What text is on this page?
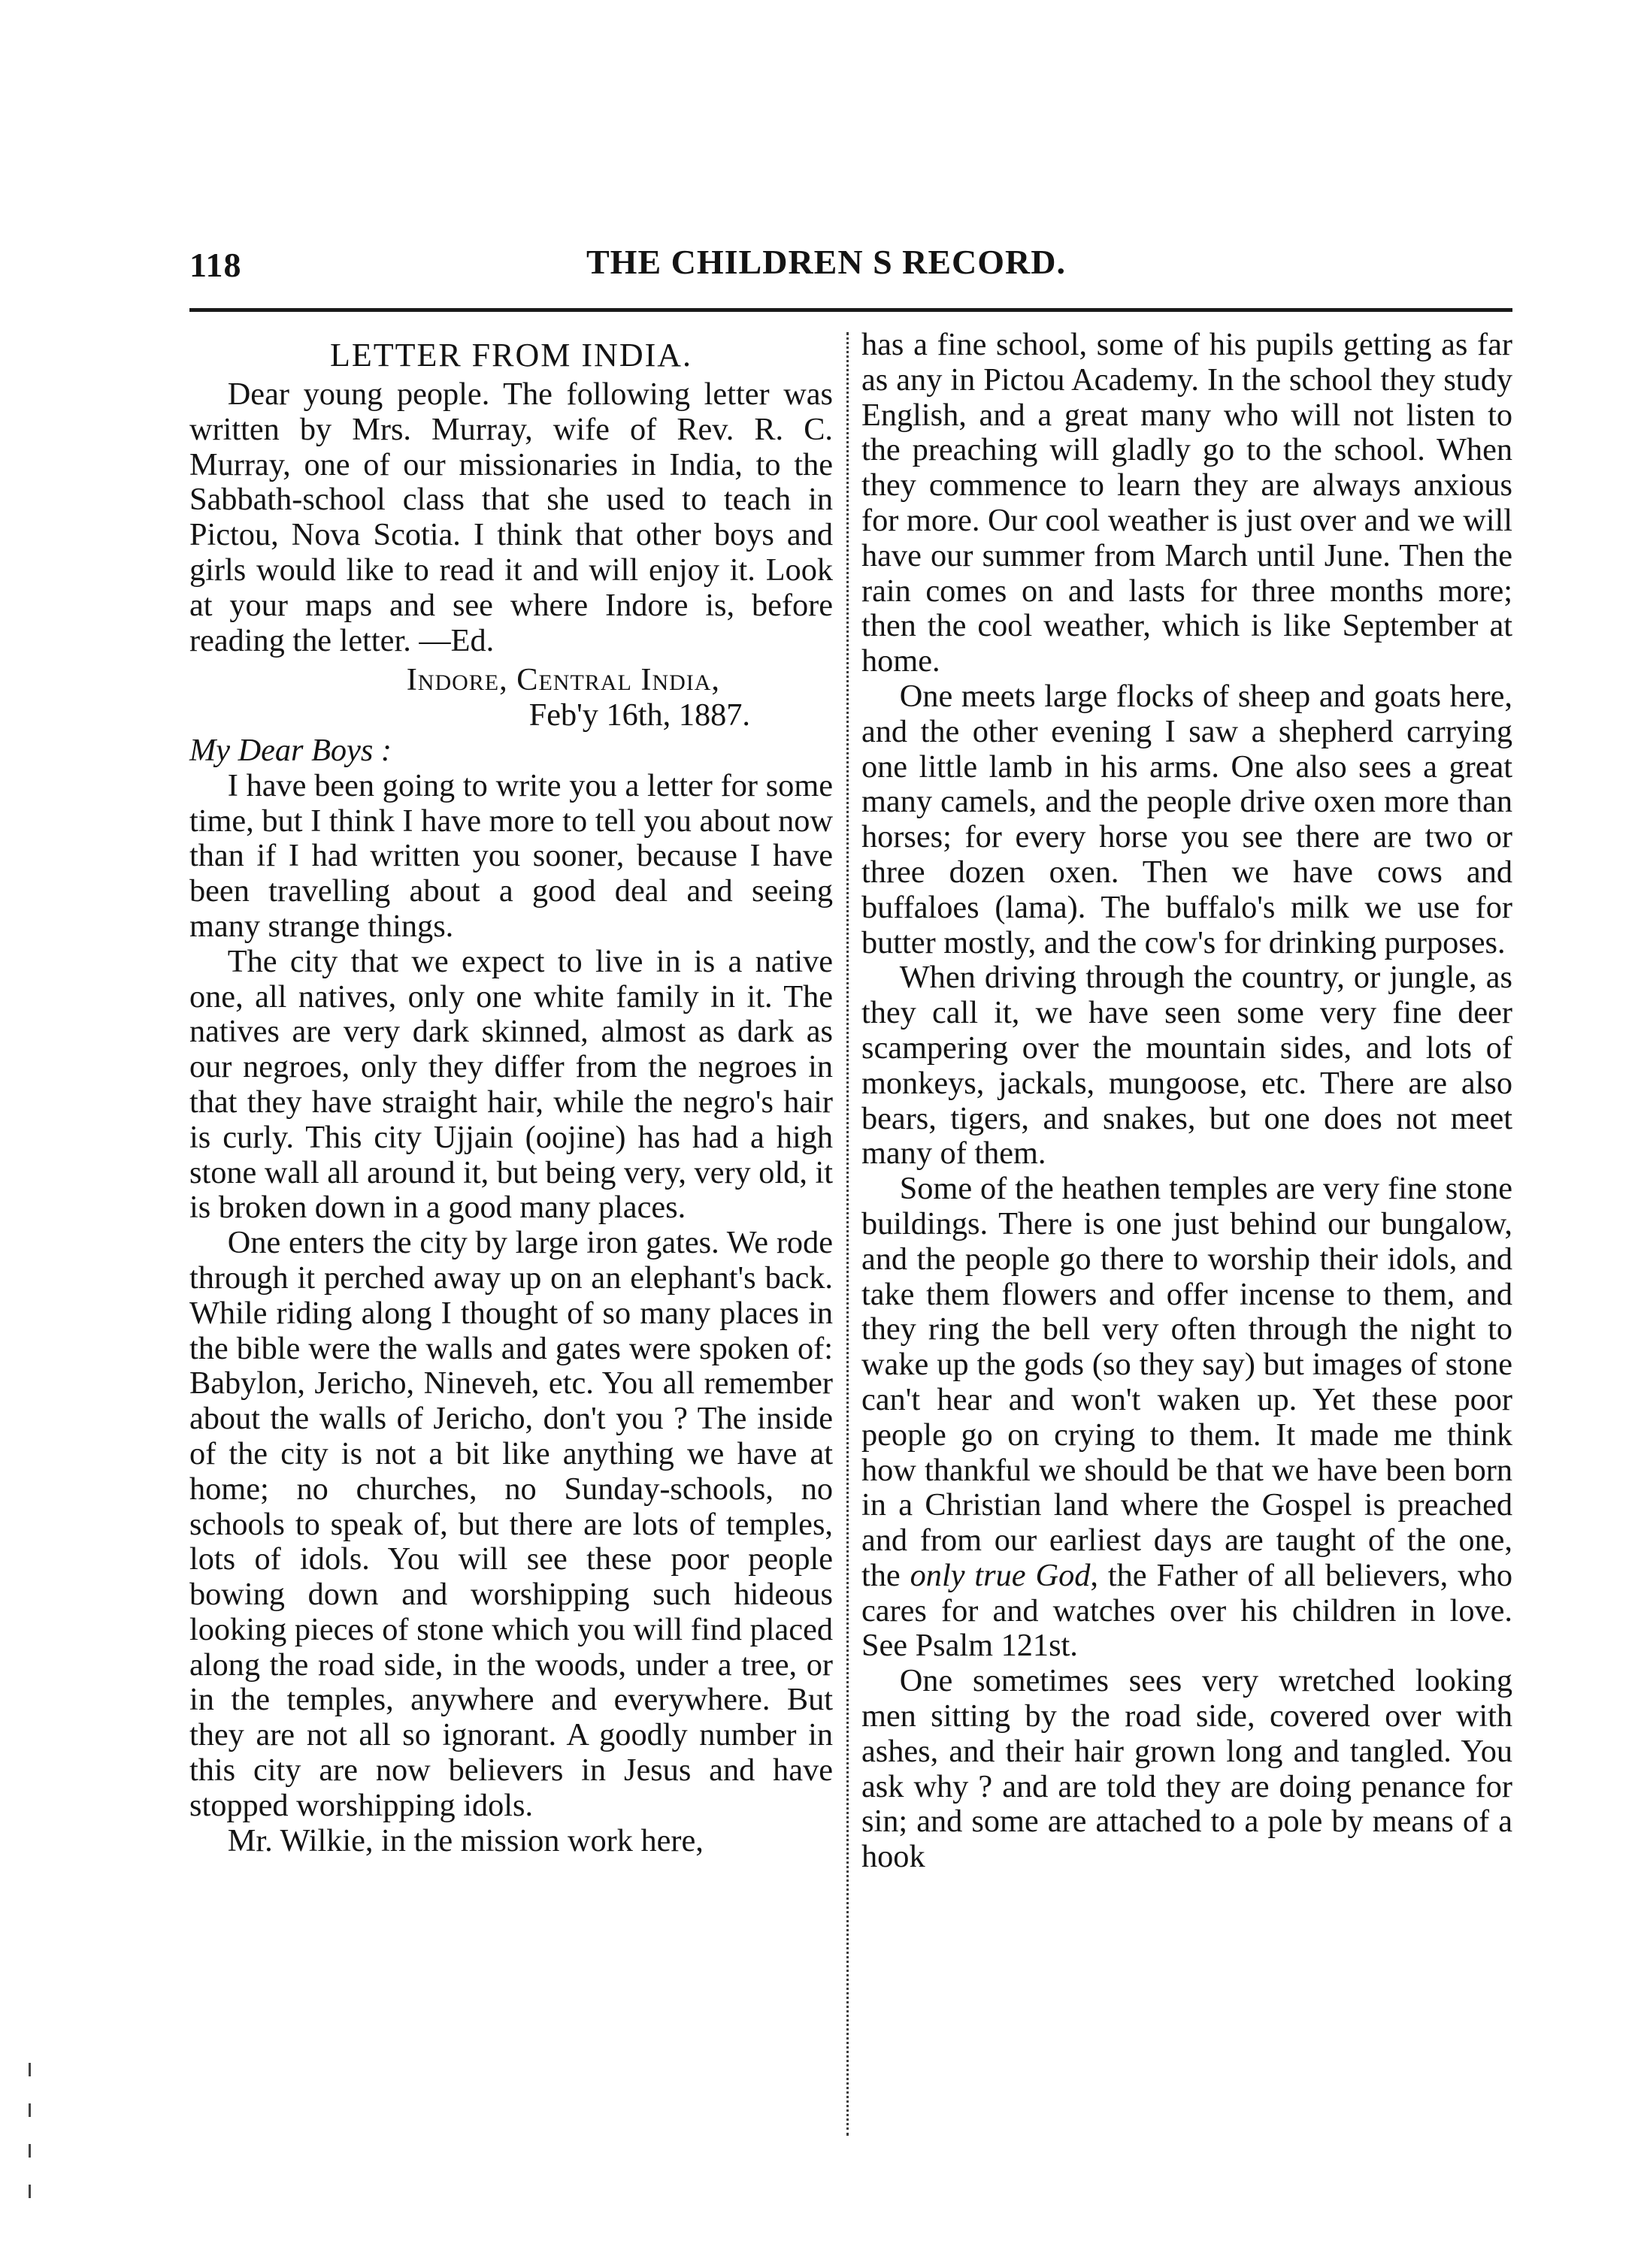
118	THE CHILDREN S RECORD.
LETTER FROM INDIA.

Dear young people. The following letter was written by Mrs. Murray, wife of Rev. R. C. Murray, one of our missionaries in India, to the Sabbath-school class that she used to teach in Pictou, Nova Scotia. I think that other boys and girls would like to read it and will enjoy it. Look at your maps and see where Indore is, before reading the letter. —Ed.

Indore, Central India,
Feb'y 16th, 1887.

My Dear Boys :

I have been going to write you a letter for some time, but I think I have more to tell you about now than if I had written you sooner, because I have been travelling about a good deal and seeing many strange things.

The city that we expect to live in is a native one, all natives, only one white family in it. The natives are very dark skinned, almost as dark as our negroes, only they differ from the negroes in that they have straight hair, while the negro's hair is curly. This city Ujjain (oojine) has had a high stone wall all around it, but being very, very old, it is broken down in a good many places.

One enters the city by large iron gates. We rode through it perched away up on an elephant's back. While riding along I thought of so many places in the bible were the walls and gates were spoken of: Babylon, Jericho, Nineveh, etc. You all remember about the walls of Jericho, don't you ? The inside of the city is not a bit like anything we have at home; no churches, no Sunday-schools, no schools to speak of, but there are lots of temples, lots of idols. You will see these poor people bowing down and worshipping such hideous looking pieces of stone which you will find placed along the road side, in the woods, under a tree, or in the temples, anywhere and everywhere. But they are not all so ignorant. A goodly number in this city are now believers in Jesus and have stopped worshipping idols.

Mr. Wilkie, in the mission work here,

has a fine school, some of his pupils getting as far as any in Pictou Academy. In the school they study English, and a great many who will not listen to the preaching will gladly go to the school. When they commence to learn they are always anxious for more. Our cool weather is just over and we will have our summer from March until June. Then the rain comes on and lasts for three months more; then the cool weather, which is like September at home.

One meets large flocks of sheep and goats here, and the other evening I saw a shepherd carrying one little lamb in his arms. One also sees a great many camels, and the people drive oxen more than horses; for every horse you see there are two or three dozen oxen. Then we have cows and buffaloes (lama). The buffalo's milk we use for butter mostly, and the cow's for drinking purposes.

When driving through the country, or jungle, as they call it, we have seen some very fine deer scampering over the mountain sides, and lots of monkeys, jackals, mungoose, etc. There are also bears, tigers, and snakes, but one does not meet many of them.

Some of the heathen temples are very fine stone buildings. There is one just behind our bungalow, and the people go there to worship their idols, and take them flowers and offer incense to them, and they ring the bell very often through the night to wake up the gods (so they say) but images of stone can't hear and won't waken up. Yet these poor people go on crying to them. It made me think how thankful we should be that we have been born in a Christian land where the Gospel is preached and from our earliest days are taught of the one, the only true God, the Father of all believers, who cares for and watches over his children in love. See Psalm 121st.

One sometimes sees very wretched looking men sitting by the road side, covered over with ashes, and their hair grown long and tangled. You ask why ? and are told they are doing penance for sin; and some are attached to a pole by means of a hook
